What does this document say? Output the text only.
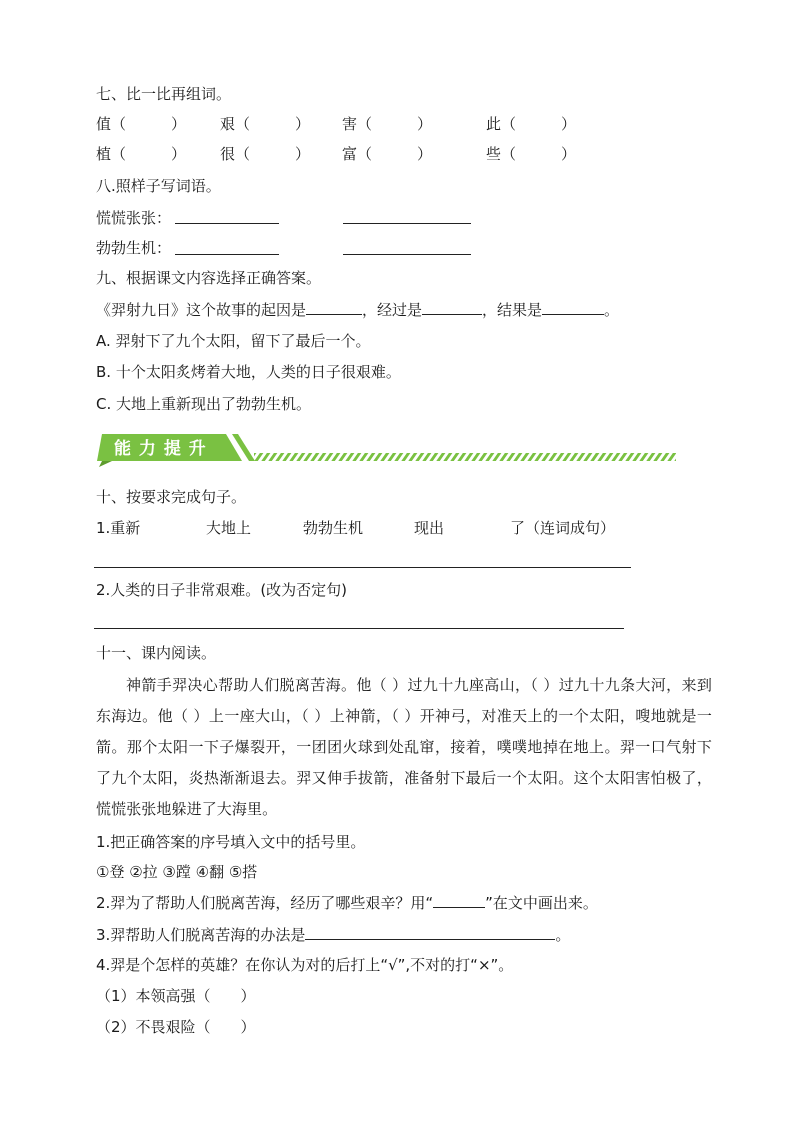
七、比一比再组词。
值（　　　） 艰（　　　） 害（　　　）	此（　　　）
植（　　　） 很（　　　） 富（　　　）	些（　　　）
八.照样子写词语。
慌慌张张：
勃勃生机：
九、根据课文内容选择正确答案。
《羿射九日》这个故事的起因是	，经过是	，结果是	。
A. 羿射下了九个太阳，留下了最后一个。
B. 十个太阳炙烤着大地，人类的日子很艰难。
C. 大地上重新现出了勃勃生机。
能 力 提 升
十、按要求完成句子。
1.重新	大地上	勃勃生机	现出	了（连词成句）
2.人类的日子非常艰难。(改为否定句)
十一、课内阅读。
神箭手羿决心帮助人们脱离苦海。他（ ）过九十九座高山，（ ）过九十九条大河，来到东海边。他（ ）上一座大山，（ ）上神箭，（ ）开神弓，对准天上的一个太阳，嗖地就是一箭。那个太阳一下子爆裂开，一团团火球到处乱窜，接着，噗噗地掉在地上。羿一口气射下了九个太阳，炎热渐渐退去。羿又伸手拔箭，准备射下最后一个太阳。这个太阳害怕极了，慌慌张张地躲进了大海里。
1.把正确答案的序号填入文中的括号里。
①登 ②拉 ③蹚 ④翻 ⑤搭
2.羿为了帮助人们脱离苦海，经历了哪些艰辛？用“	”在文中画出来。
3.羿帮助人们脱离苦海的办法是	。
4.羿是个怎样的英雄？在你认为对的后打上“√”,不对的打“×”。
（1）本领高强（　　）
（2）不畏艰险（　　）
